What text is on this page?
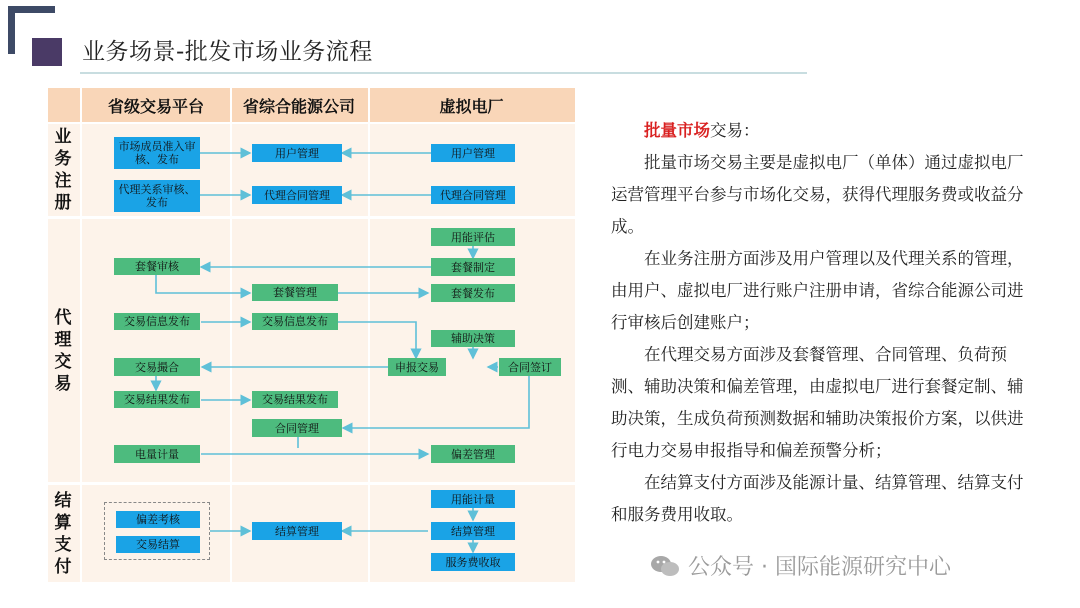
业务场景-批发市场业务流程
省级交易平台	省综合能源公司	虚拟电厂
业
务
注
册
代
理
交
易
结
算
支
付
市场成员准入审核、发布	用户管理	用户管理
代理关系审核、发布
代理合同管理	代理合同管理
用能评估
套餐审核	套餐制定
套餐管理	套餐发布
交易信息发布	交易信息发布
辅助决策
交易撮合	申报交易	合同签订
交易结果发布	交易结果发布
合同管理
电量计量	偏差管理
偏差考核
交易结算
结算管理
用能计量
结算管理
服务费收取

批量市场交易：

批量市场交易主要是虚拟电厂（单体）通过虚拟电厂运营管理平台参与市场化交易，获得代理服务费或收益分成。

在业务注册方面涉及用户管理以及代理关系的管理，由用户、虚拟电厂进行账户注册申请，省综合能源公司进行审核后创建账户；

在代理交易方面涉及套餐管理、合同管理、负荷预测、辅助决策和偏差管理，由虚拟电厂进行套餐定制、辅助决策，生成负荷预测数据和辅助决策报价方案，以供进行电力交易申报指导和偏差预警分析；

在结算支付方面涉及能源计量、结算管理、结算支付和服务费用收取。

公众号 · 国际能源研究中心
